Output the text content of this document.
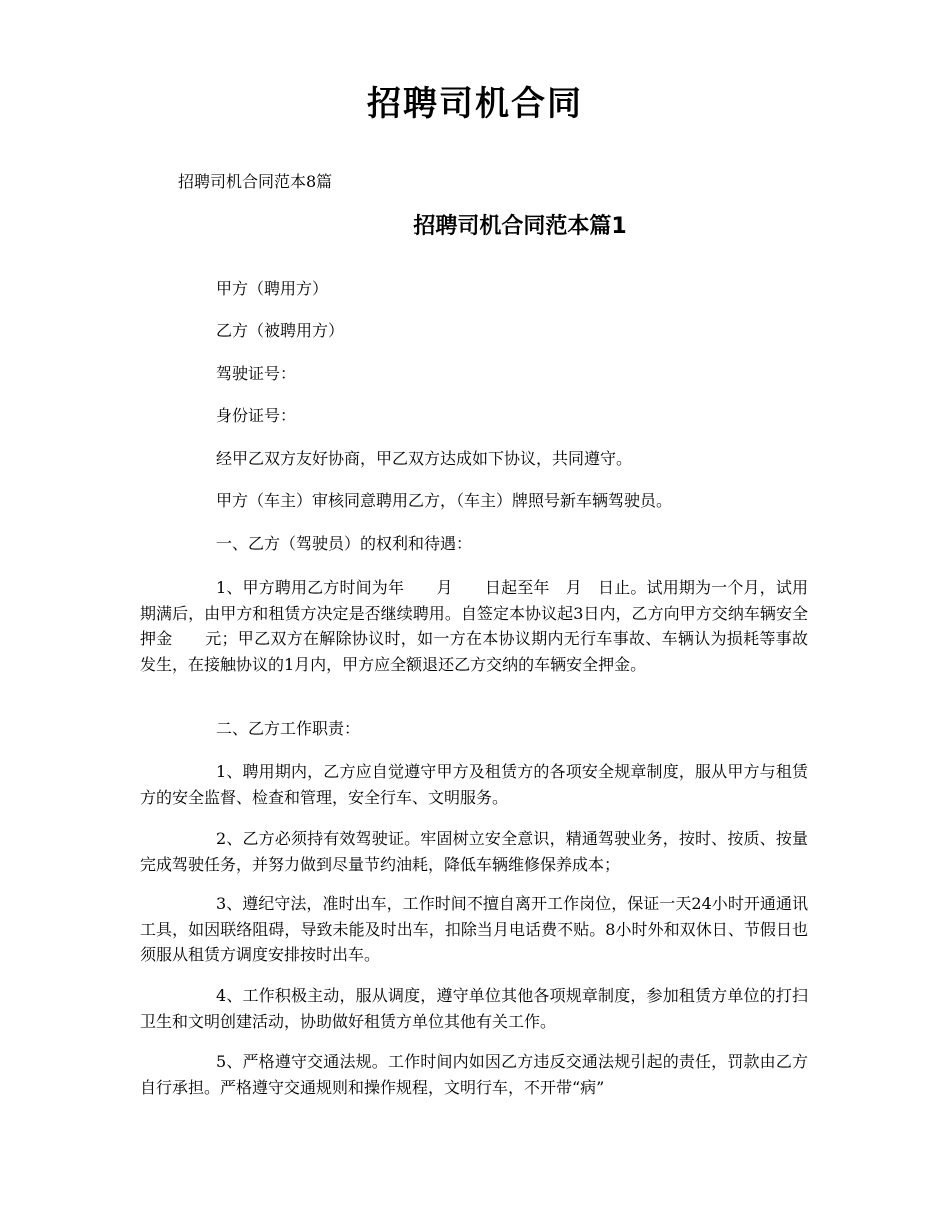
招聘司机合同
招聘司机合同范本8篇
招聘司机合同范本篇1
甲方（聘用方）
乙方（被聘用方）
驾驶证号：
身份证号：
经甲乙双方友好协商，甲乙双方达成如下协议，共同遵守。
甲方（车主）审核同意聘用乙方，（车主）牌照号新车辆驾驶员。
一、乙方（驾驶员）的权利和待遇：
1、甲方聘用乙方时间为年　　月　　日起至年　月　日止。试用期为一个月，试用期满后，由甲方和租赁方决定是否继续聘用。自签定本协议起3日内，乙方向甲方交纳车辆安全押金　　元；甲乙双方在解除协议时，如一方在本协议期内无行车事故、车辆认为损耗等事故发生，在接触协议的1月内，甲方应全额退还乙方交纳的车辆安全押金。
二、乙方工作职责：
1、聘用期内，乙方应自觉遵守甲方及租赁方的各项安全规章制度，服从甲方与租赁方的安全监督、检查和管理，安全行车、文明服务。
2、乙方必须持有效驾驶证。牢固树立安全意识，精通驾驶业务，按时、按质、按量完成驾驶任务，并努力做到尽量节约油耗，降低车辆维修保养成本；
3、遵纪守法，准时出车，工作时间不擅自离开工作岗位，保证一天24小时开通通讯工具，如因联络阻碍，导致未能及时出车，扣除当月电话费不贴。8小时外和双休日、节假日也须服从租赁方调度安排按时出车。
4、工作积极主动，服从调度，遵守单位其他各项规章制度，参加租赁方单位的打扫卫生和文明创建活动，协助做好租赁方单位其他有关工作。
5、严格遵守交通法规。工作时间内如因乙方违反交通法规引起的责任，罚款由乙方自行承担。严格遵守交通规则和操作规程，文明行车，不开带“病”
